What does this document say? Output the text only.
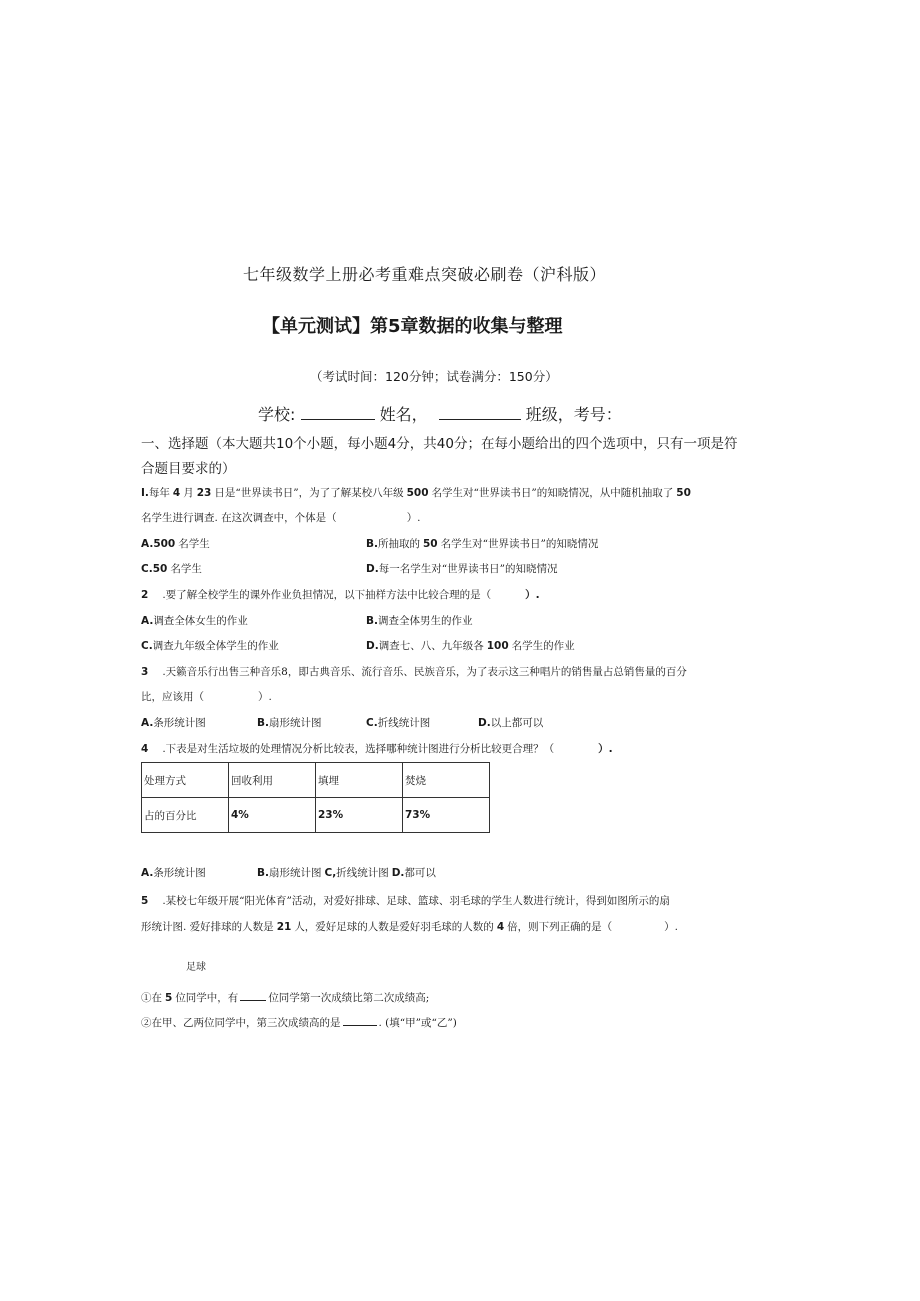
七年级数学上册必考重难点突破必刷卷（沪科版）
【单元测试】第5章数据的收集与整理
（考试时间：120分钟；试卷满分：150分）
学校:	姓名，	班级，考号：
一、选择题（本大题共10个小题，每小题4分，共40分；在每小题给出的四个选项中，只有一项是符
合题目要求的）
I.每年 4 月 23 日是“世界读书日”，为了了解某校八年级 500 名学生对“世界读书日”的知晓情况，从中随机抽取了 50
名学生进行调查. 在这次调查中，个体是（	）.
A.500 名学生	B.所抽取的 50 名学生对“世界读书日”的知晓情况
C.50 名学生	D.每一名学生对“世界读书日”的知晓情况
2 .要了解全校学生的课外作业负担情况，以下抽样方法中比较合理的是（	）.
A.调查全体女生的作业	B.调查全体男生的作业
C.调查九年级全体学生的作业	D.调查七、八、九年级各 100 名学生的作业
3 .天籁音乐行出售三种音乐8，即古典音乐、流行音乐、民族音乐，为了表示这三种唱片的销售量占总销售量的百分
比，应该用（	）.
A.条形统计图	B.扇形统计图	C.折线统计图	D.以上都可以
4 .下表是对生活垃圾的处理情况分析比较表，选择哪种统计图进行分析比较更合理？（	）.
处理方式	回收利用	填埋	焚烧
占的百分比	4%	23%	73%
A.条形统计图	B.扇形统计图 C,折线统计图 D.都可以
5 .某校七年级开展“阳光体育”活动，对爱好排球、足球、篮球、羽毛球的学生人数进行统计，得到如图所示的扇
形统计图. 爱好排球的人数是 21 人，爱好足球的人数是爱好羽毛球的人数的 4 倍，则下列正确的是（	）.
足球
①在 5 位同学中，有	位同学第一次成绩比第二次成绩高;
②在甲、乙两位同学中，第三次成绩高的是	. (填“甲”或“乙”)
